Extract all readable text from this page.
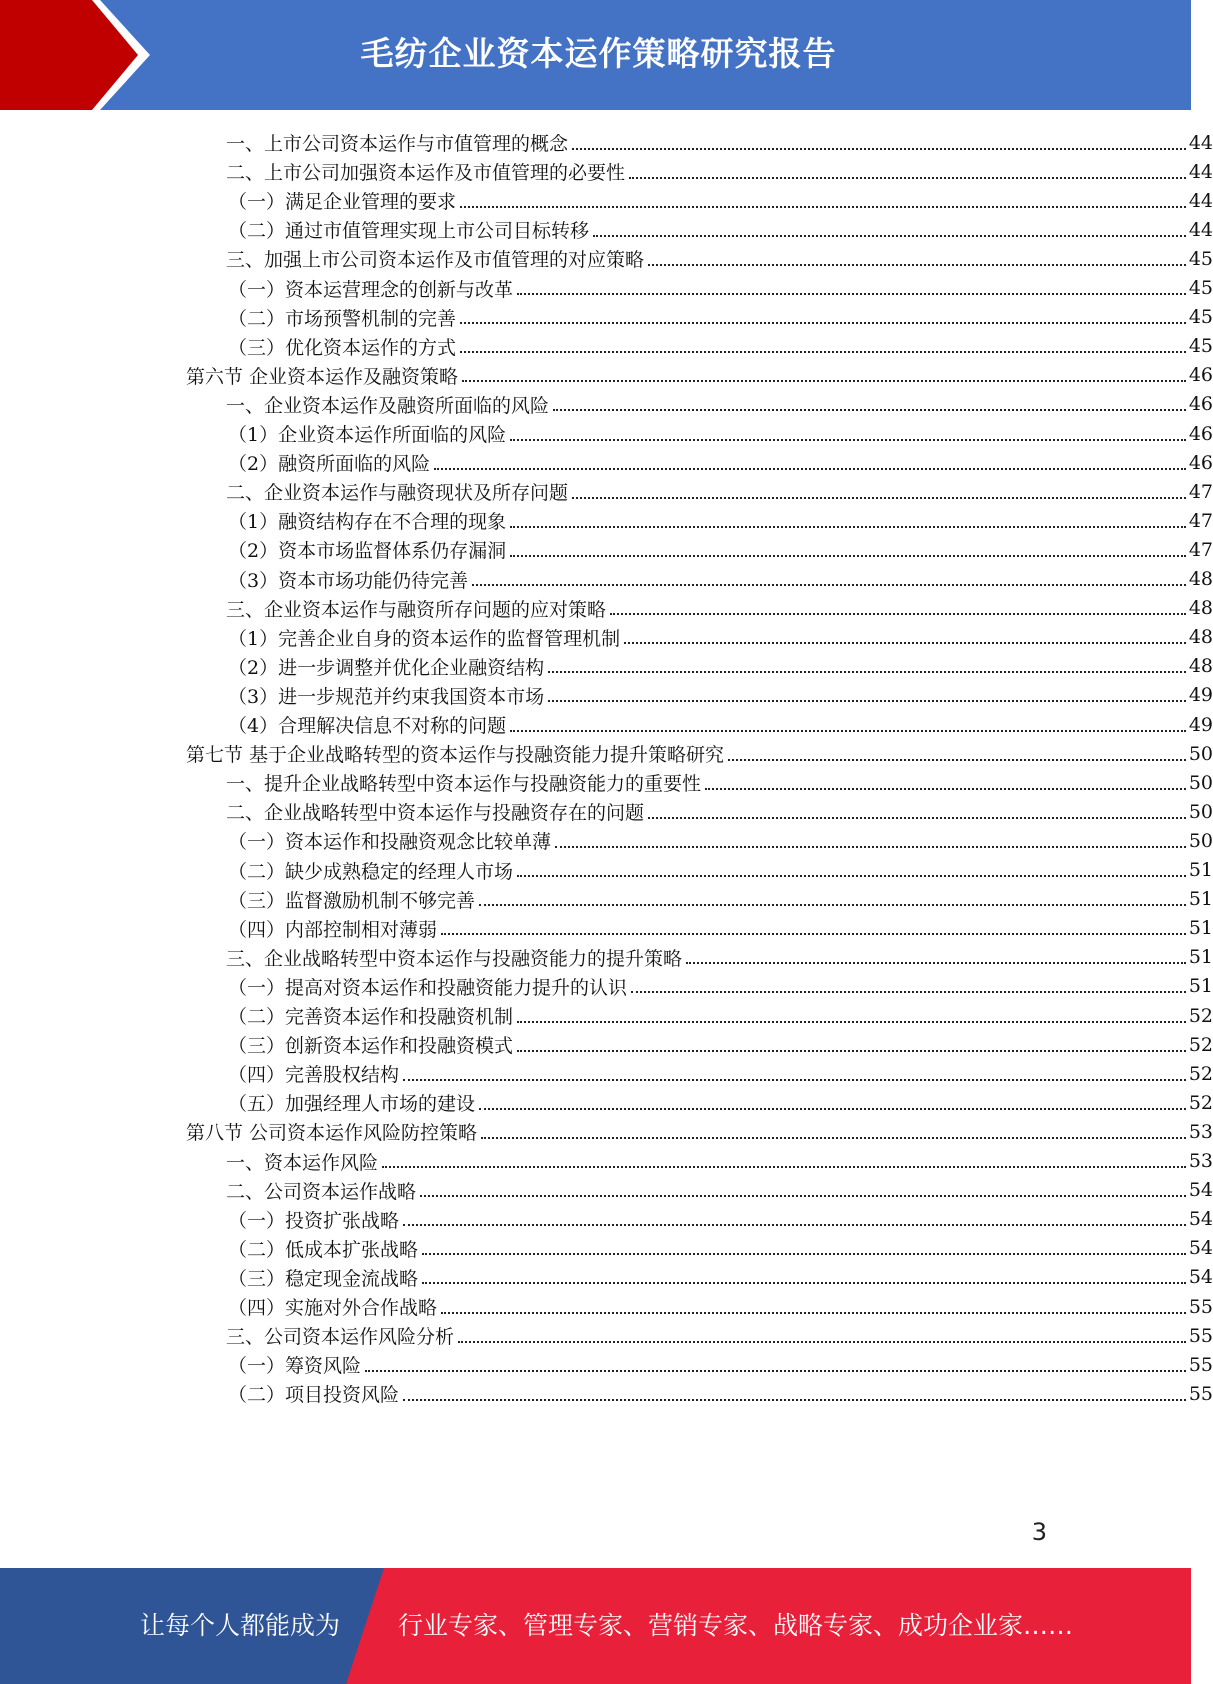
毛纺企业资本运作策略研究报告
一、上市公司资本运作与市值管理的概念	44
二、上市公司加强资本运作及市值管理的必要性	44
（一）满足企业管理的要求	44
（二）通过市值管理实现上市公司目标转移	44
三、加强上市公司资本运作及市值管理的对应策略	45
（一）资本运营理念的创新与改革	45
（二）市场预警机制的完善	45
（三）优化资本运作的方式	45
第六节 企业资本运作及融资策略	46
一、企业资本运作及融资所面临的风险	46
（1）企业资本运作所面临的风险	46
（2）融资所面临的风险	46
二、企业资本运作与融资现状及所存问题	47
（1）融资结构存在不合理的现象	47
（2）资本市场监督体系仍存漏洞	47
（3）资本市场功能仍待完善	48
三、企业资本运作与融资所存问题的应对策略	48
（1）完善企业自身的资本运作的监督管理机制	48
（2）进一步调整并优化企业融资结构	48
（3）进一步规范并约束我国资本市场	49
（4）合理解决信息不对称的问题	49
第七节 基于企业战略转型的资本运作与投融资能力提升策略研究	50
一、提升企业战略转型中资本运作与投融资能力的重要性	50
二、企业战略转型中资本运作与投融资存在的问题	50
（一）资本运作和投融资观念比较单薄	50
（二）缺少成熟稳定的经理人市场	51
（三）监督激励机制不够完善	51
（四）内部控制相对薄弱	51
三、企业战略转型中资本运作与投融资能力的提升策略	51
（一）提高对资本运作和投融资能力提升的认识	51
（二）完善资本运作和投融资机制	52
（三）创新资本运作和投融资模式	52
（四）完善股权结构	52
（五）加强经理人市场的建设	52
第八节 公司资本运作风险防控策略	53
一、资本运作风险	53
二、公司资本运作战略	54
（一）投资扩张战略	54
（二）低成本扩张战略	54
（三）稳定现金流战略	54
（四）实施对外合作战略	55
三、公司资本运作风险分析	55
（一）筹资风险	55
（二）项目投资风险	55
3
让每个人都能成为 行业专家、管理专家、营销专家、战略专家、成功企业家……
